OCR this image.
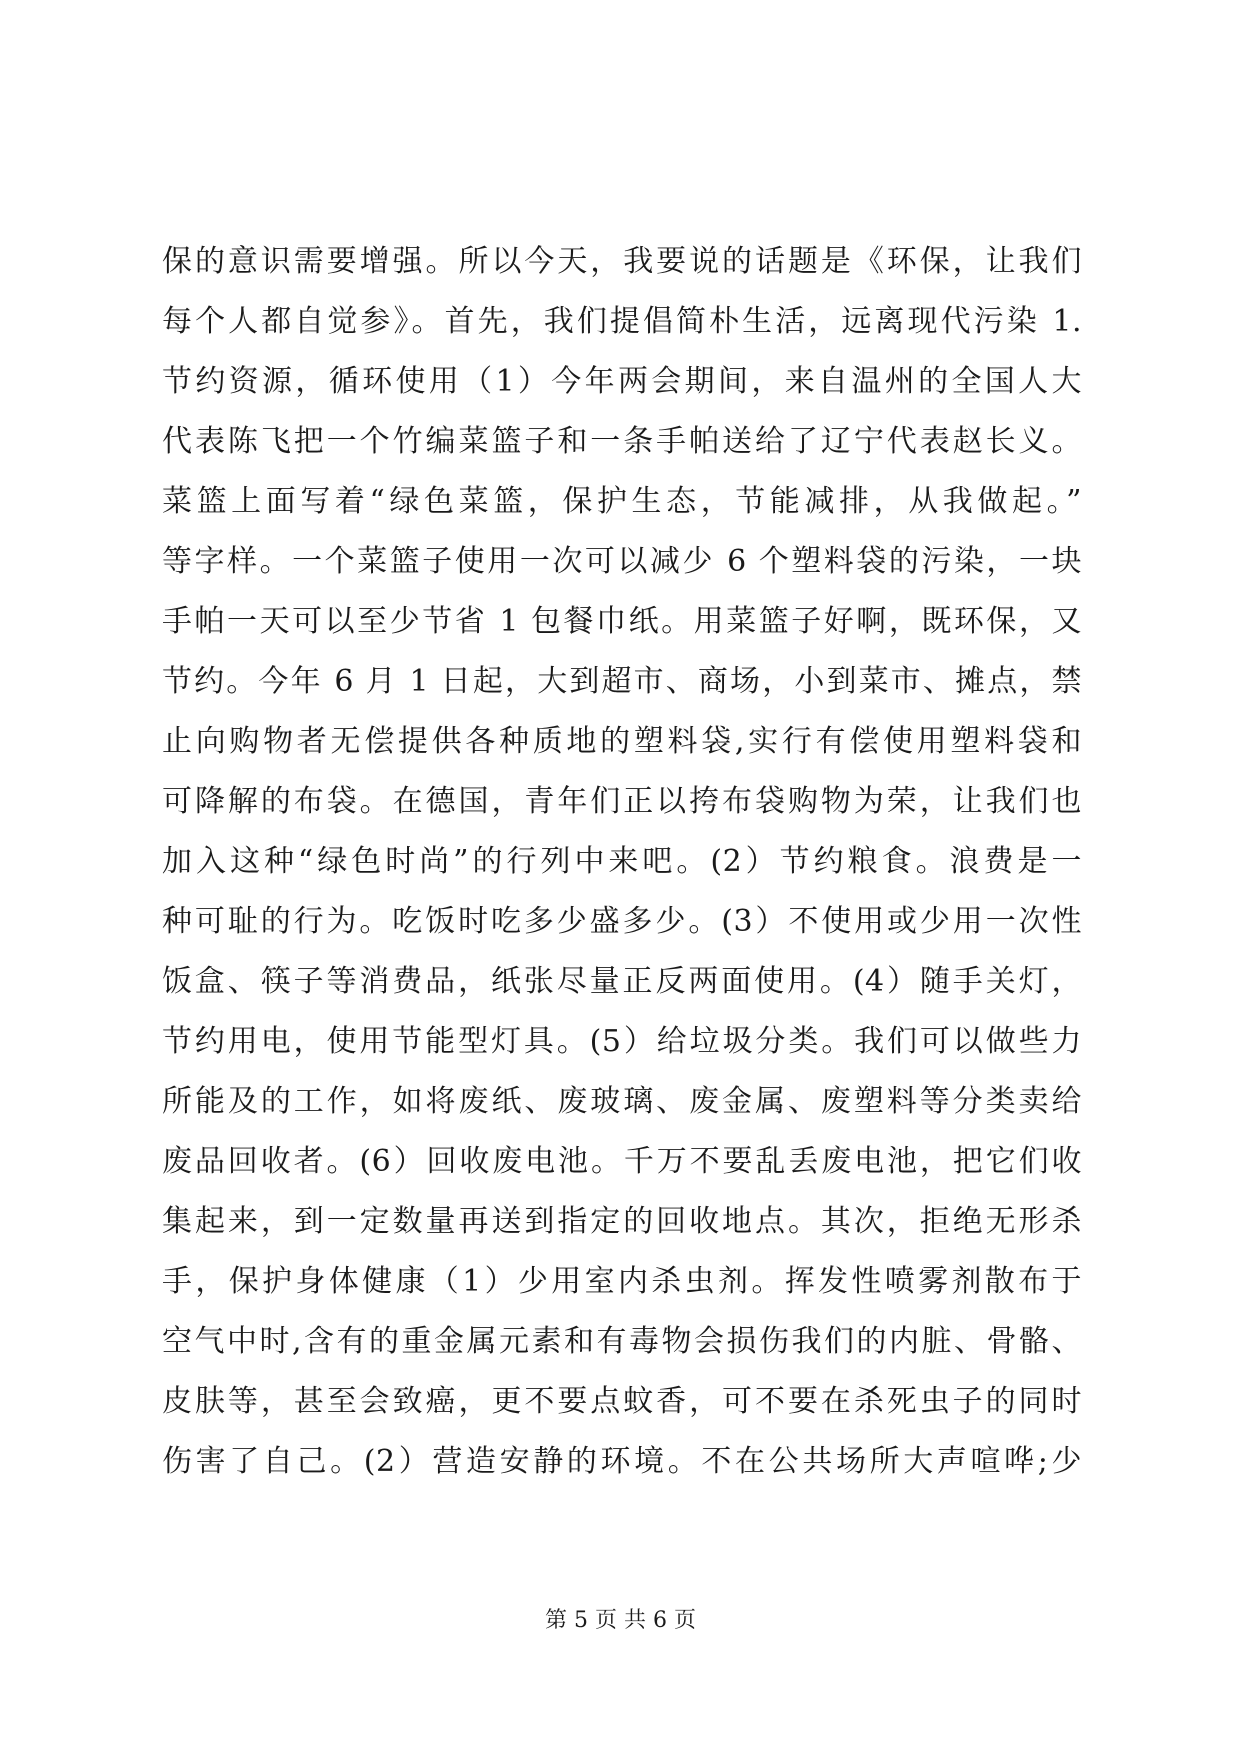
保的意识需要增强。所以今天，我要说的话题是《环保，让我们
每个人都自觉参》。首先，我们提倡简朴生活，远离现代污染 1.
节约资源，循环使用（1）今年两会期间，来自温州的全国人大
代表陈飞把一个竹编菜篮子和一条手帕送给了辽宁代表赵长义。
菜篮上面写着“绿色菜篮，保护生态，节能减排，从我做起。”
等字样。一个菜篮子使用一次可以减少 6 个塑料袋的污染，一块
手帕一天可以至少节省 1 包餐巾纸。用菜篮子好啊，既环保，又
节约。今年 6 月 1 日起，大到超市、商场，小到菜市、摊点，禁
止向购物者无偿提供各种质地的塑料袋,实行有偿使用塑料袋和
可降解的布袋。在德国，青年们正以挎布袋购物为荣，让我们也
加入这种“绿色时尚”的行列中来吧。(2）节约粮食。浪费是一
种可耻的行为。吃饭时吃多少盛多少。(3）不使用或少用一次性
饭盒、筷子等消费品，纸张尽量正反两面使用。(4）随手关灯，
节约用电，使用节能型灯具。(5）给垃圾分类。我们可以做些力
所能及的工作，如将废纸、废玻璃、废金属、废塑料等分类卖给
废品回收者。(6）回收废电池。千万不要乱丢废电池，把它们收
集起来，到一定数量再送到指定的回收地点。其次，拒绝无形杀
手，保护身体健康（1）少用室内杀虫剂。挥发性喷雾剂散布于
空气中时,含有的重金属元素和有毒物会损伤我们的内脏、骨骼、
皮肤等，甚至会致癌，更不要点蚊香，可不要在杀死虫子的同时
伤害了自己。(2）营造安静的环境。不在公共场所大声喧哗;少
第 5 页 共 6 页
